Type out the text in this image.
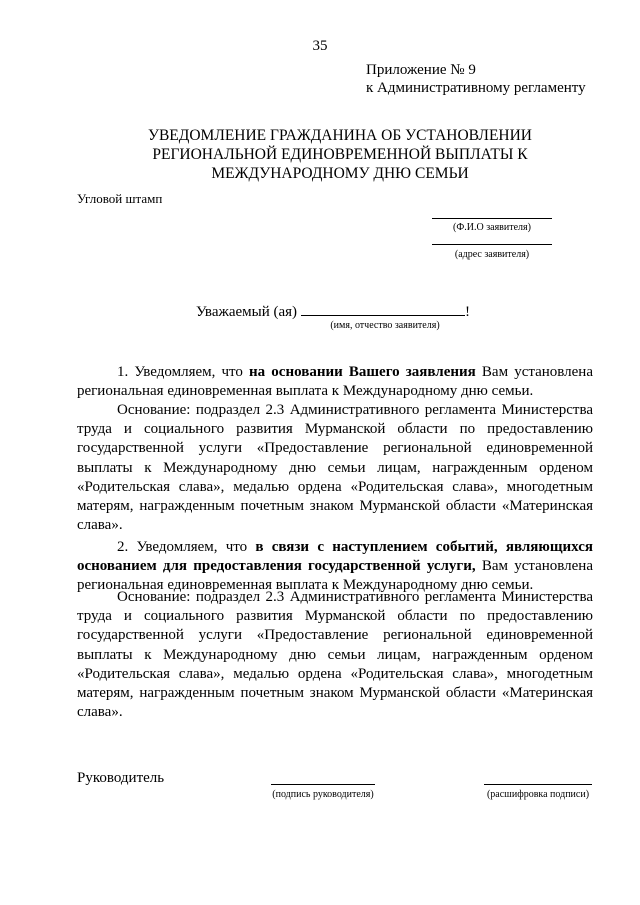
35
Приложение № 9
к Административному регламенту
УВЕДОМЛЕНИЕ ГРАЖДАНИНА ОБ УСТАНОВЛЕНИИ
РЕГИОНАЛЬНОЙ ЕДИНОВРЕМЕННОЙ ВЫПЛАТЫ К
МЕЖДУНАРОДНОМУ ДНЮ СЕМЬИ
Угловой штамп
(Ф.И.О заявителя)
(адрес заявителя)
Уважаемый (ая)	!
(имя, отчество заявителя)

1. Уведомляем, что на основании Вашего заявления Вам установлена региональная единовременная выплата к Международному дню семьи.

Основание: подраздел 2.3 Административного регламента Министерства труда и социального развития Мурманской области по предоставлению государственной услуги «Предоставление региональной единовременной выплаты к Международному дню семьи лицам, награжденным орденом «Родительская слава», медалью ордена «Родительская слава», многодетным матерям, награжденным почетным знаком Мурманской области «Материнская слава».

2. Уведомляем, что в связи с наступлением событий, являющихся основанием для предоставления государственной услуги, Вам установлена региональная единовременная выплата к Международному дню семьи.

Основание: подраздел 2.3 Административного регламента Министерства труда и социального развития Мурманской области по предоставлению государственной услуги «Предоставление региональной единовременной выплаты к Международному дню семьи лицам, награжденным орденом «Родительская слава», медалью ордена «Родительская слава», многодетным матерям, награжденным почетным знаком Мурманской области «Материнская слава».

Руководитель
(подпись руководителя)	(расшифровка подписи)
